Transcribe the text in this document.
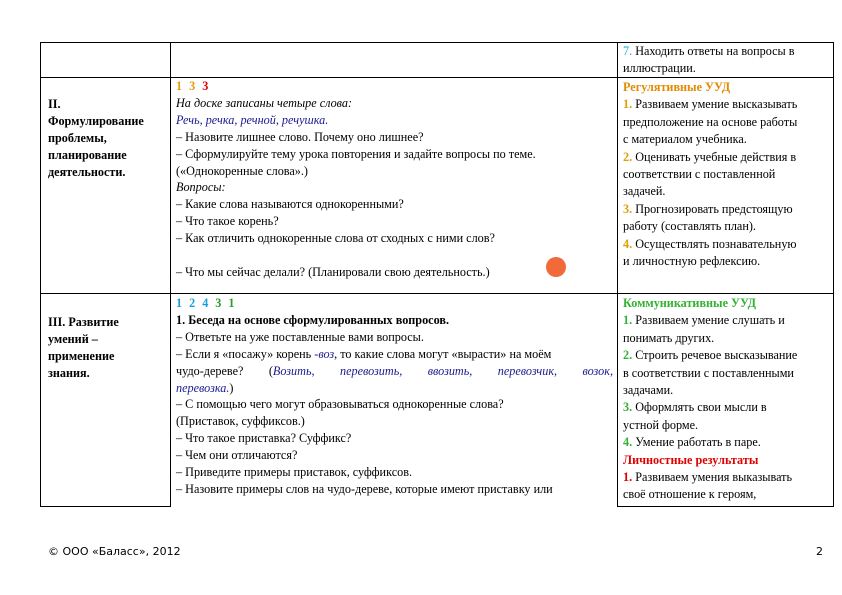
7. Находить ответы на вопросы в
иллюстрации.
II.
Формулирование
проблемы,
планирование
деятельности.
1 3 3
На доске записаны четыре слова:
Речь, речка, речной, речушка.
– Назовите лишнее слово. Почему оно лишнее?
– Сформулируйте тему урока повторения и задайте вопросы по теме.
(«Однокоренные слова».)
Вопросы:
– Какие слова называются однокоренными?
– Что такое корень?
– Как отличить однокоренные слова от сходных с ними слов?
– Что мы сейчас делали? (Планировали свою деятельность.)
Регулятивные УУД
1. Развиваем умение высказывать
предположение на основе работы
с материалом учебника.
2. Оценивать учебные действия в
соответствии с поставленной
задачей.
3. Прогнозировать предстоящую
работу (составлять план).
4. Осуществлять познавательную
и личностную рефлексию.
III. Развитие
умений –
применение
знания.
1 2 4 3 1
1. Беседа на основе сформулированных вопросов.
– Ответьте на уже поставленные вами вопросы.
– Если я «посажу» корень -воз, то какие слова могут «вырасти» на моём
чудо-дереве? (Возить, перевозить, ввозить, перевозчик, возок,
перевозка.)
– С помощью чего могут образовываться однокоренные слова?
(Приставок, суффиксов.)
– Что такое приставка? Суффикс?
– Чем они отличаются?
– Приведите примеры приставок, суффиксов.
– Назовите примеры слов на чудо-дереве, которые имеют приставку или
Коммуникативные УУД
1. Развиваем умение слушать и
понимать других.
2. Строить речевое высказывание
в соответствии с поставленными
задачами.
3. Оформлять свои мысли в
устной форме.
4. Умение работать в паре.
Личностные результаты
1. Развиваем умения выказывать
своё отношение к героям,
© ООО «Баласс», 2012	2
